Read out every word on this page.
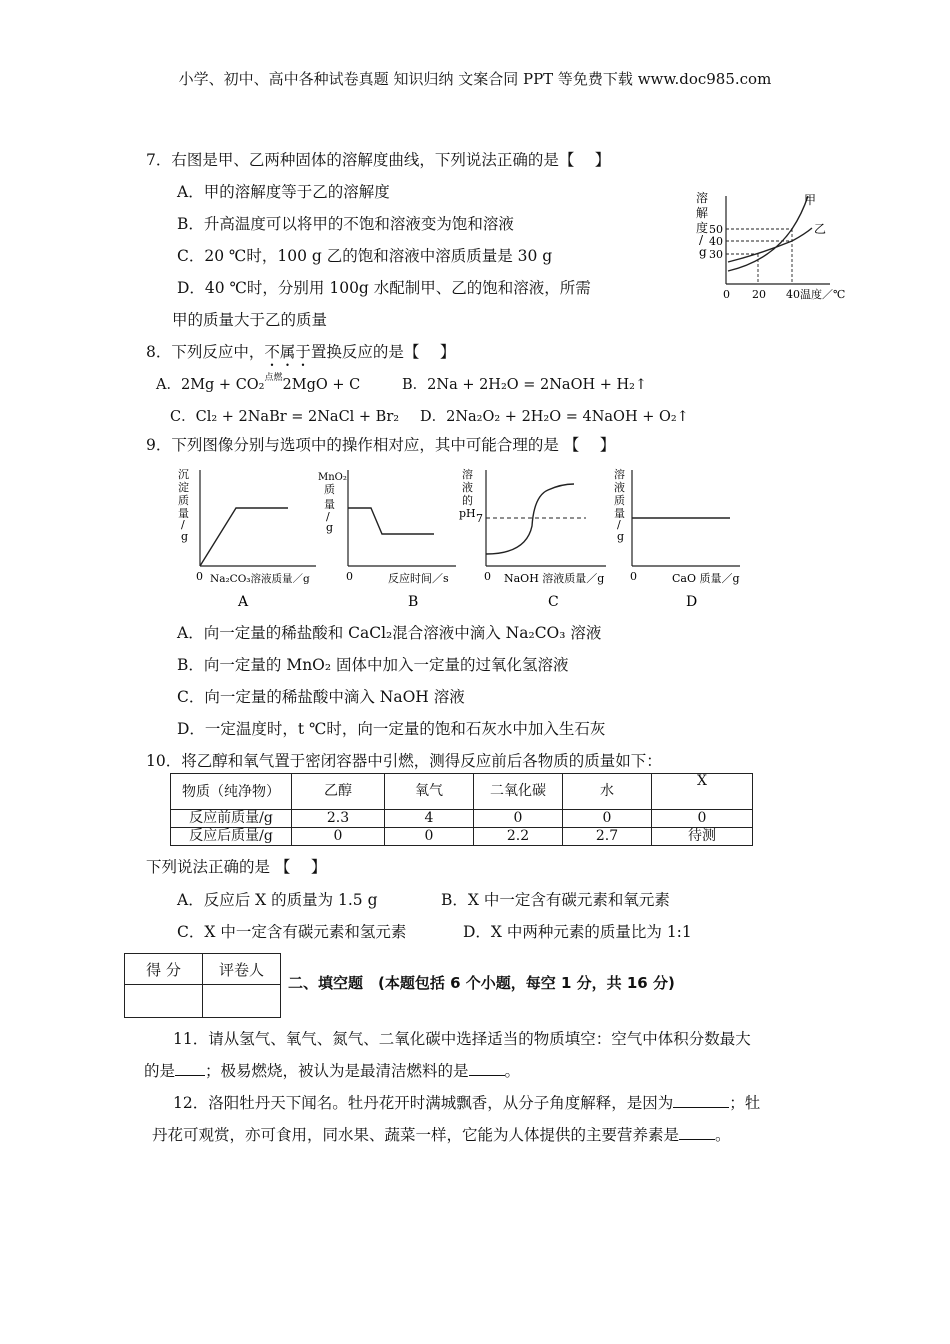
小学、初中、高中各种试卷真题 知识归纳 文案合同 PPT 等免费下载 www.doc985.com
7．右图是甲、乙两种固体的溶解度曲线，下列说法正确的是【　 】
A．甲的溶解度等于乙的溶解度
B．升高温度可以将甲的不饱和溶液变为饱和溶液
C．20 ℃时，100 g 乙的饱和溶液中溶质质量是 30 g
D．40 ℃时，分别用 100g 水配制甲、乙的饱和溶液，所需
甲的质量大于乙的质量
溶
解
度
/
g
50
40
30
0 20 40 温度／℃
甲
乙
8．下列反应中，不属于置换反应的是【　 】
A．2Mg + CO₂$^{点燃}$2MgO + C	B．2Na + 2H₂O = 2NaOH + H₂↑
C．Cl₂ + 2NaBr = 2NaCl + Br₂ D．2Na₂O₂ + 2H₂O = 4NaOH + O₂↑
9．下列图像分别与选项中的操作相对应，其中可能合理的是 【　 】
沉
淀
质
量
/
g
0 Na₂CO₃溶液质量／g
A
MnO₂
质
量
/
g
0	反应时间／s
B
溶
液
的
pH 7
0 NaOH 溶液质量／g
C
溶
液
质
量
/
g
0	CaO 质量／g
D
A．向一定量的稀盐酸和 CaCl₂混合溶液中滴入 Na₂CO₃ 溶液
B．向一定量的 MnO₂ 固体中加入一定量的过氧化氢溶液
C．向一定量的稀盐酸中滴入 NaOH 溶液
D．一定温度时，t ℃时，向一定量的饱和石灰水中加入生石灰
10．将乙醇和氧气置于密闭容器中引燃，测得反应前后各物质的质量如下：
物质（纯净物）	乙醇	氧气	二氧化碳	水	X
反应前质量/g	2.3	4	0	0	0
反应后质量/g	0	0	2.2	2.7	待测
下列说法正确的是 【　 】
A．反应后 X 的质量为 1.5 g	B．X 中一定含有碳元素和氧元素
C．X 中一定含有碳元素和氢元素	D．X 中两种元素的质量比为 1:1
得 分	评卷人

二、填空题　(本题包括 6 个小题，每空 1 分，共 16 分)
11．请从氢气、氧气、氮气、二氧化碳中选择适当的物质填空：空气中体积分数最大
的是 ；极易燃烧，被认为是最清洁燃料的是 。
12．洛阳牡丹天下闻名。牡丹花开时满城飘香，从分子角度解释，是因为	；牡
丹花可观赏，亦可食用，同水果、蔬菜一样，它能为人体提供的主要营养素是 。
